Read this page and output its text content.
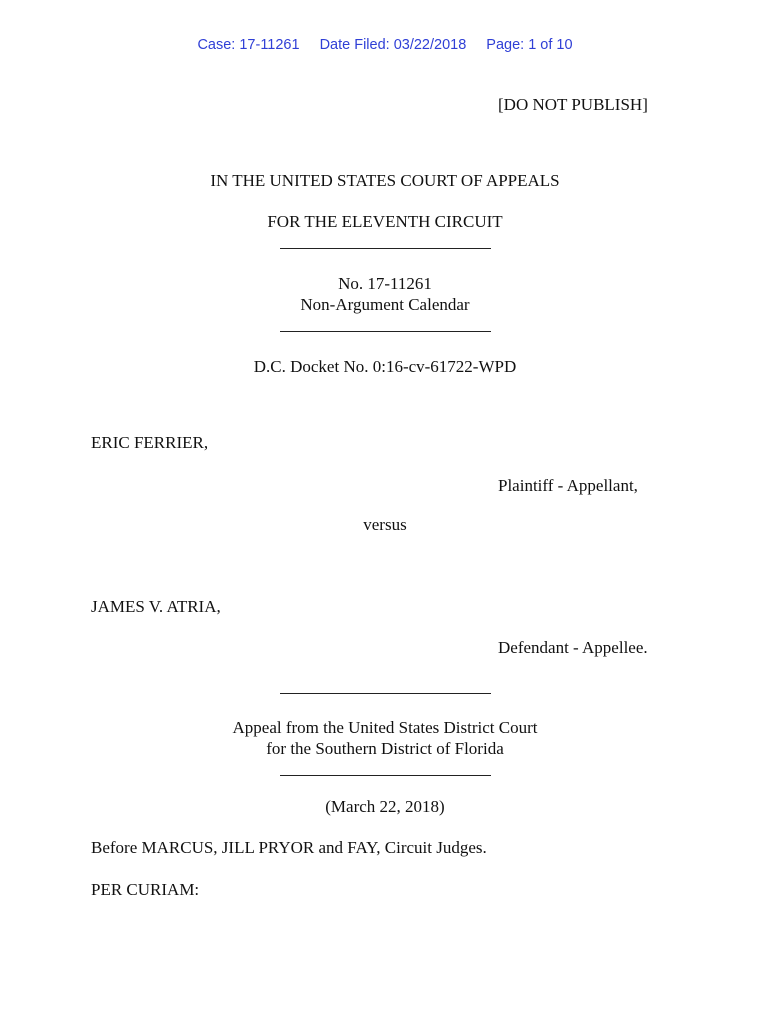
Case: 17-11261 Date Filed: 03/22/2018 Page: 1 of 10
[DO NOT PUBLISH]
IN THE UNITED STATES COURT OF APPEALS
FOR THE ELEVENTH CIRCUIT
No. 17-11261
Non-Argument Calendar
D.C. Docket No. 0:16-cv-61722-WPD
ERIC FERRIER,
Plaintiff - Appellant,
versus
JAMES V. ATRIA,
Defendant - Appellee.
Appeal from the United States District Court
for the Southern District of Florida
(March 22, 2018)
Before MARCUS, JILL PRYOR and FAY, Circuit Judges.
PER CURIAM:
